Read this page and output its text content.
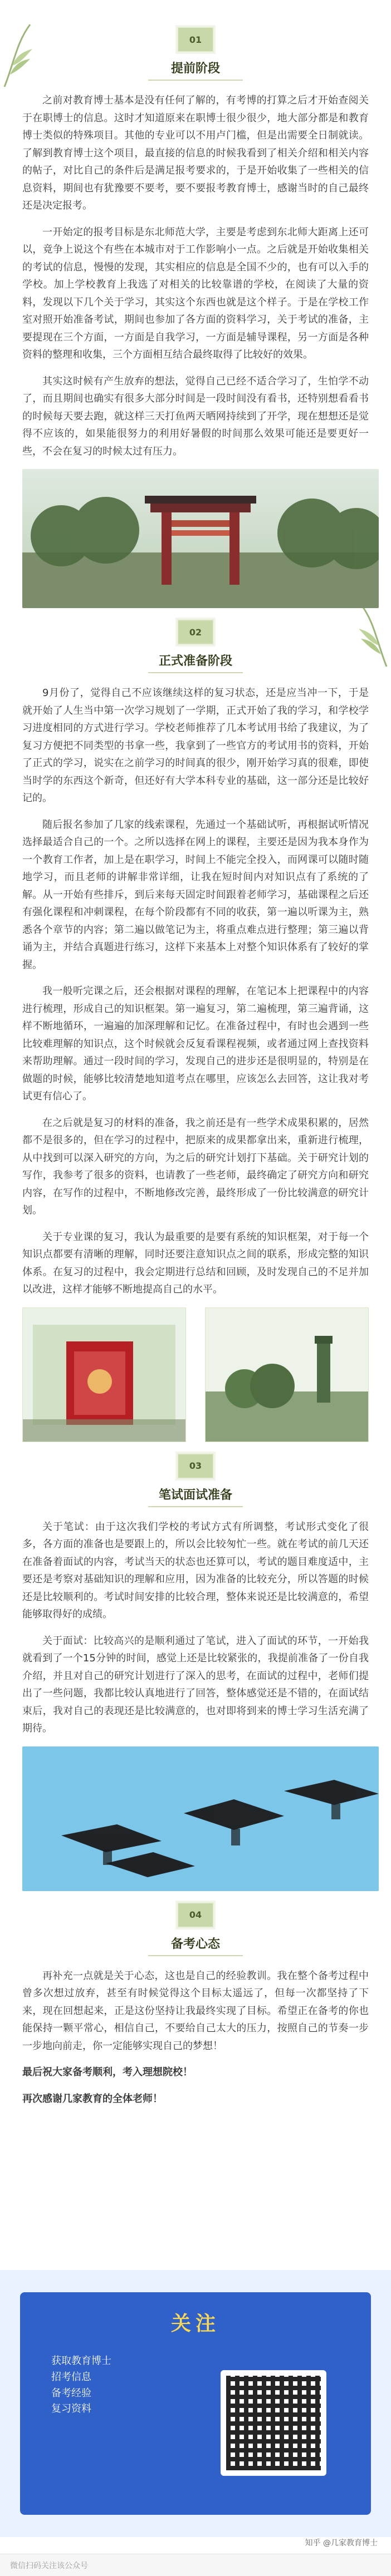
01
提前阶段

之前对教育博士基本是没有任何了解的，有考博的打算之后才开始查阅关于在职博士的信息。这时才知道原来在职博士很少很少，地大部分都是和教育博士类似的特殊项目。其他的专业可以不用卢门槛，但是出需要全日制就读。了解到教育博士这个项目，最直接的信息的时候我看到了相关介绍和相关内容的帖子，对比自己的条件后是满足报考要求的，于是开始收集了一些相关的信息资料，期间也有犹豫要不要考，要不要报考教育博士，感谢当时的自己最终还是决定报考。

一开始定的报考目标是东北师范大学，主要是考虑到东北师大距离上还可以，竟争上说这个有些在本城市对于工作影响小一点。之后就是开始收集相关的考试的信息，慢慢的发现，其实相应的信息是全国不少的，也有可以入手的学校。加上学校教育上我选了对相关的比较靠谱的学校，在阅读了大量的资料，发现以下几个关于学习，其实这个东西也就是这个样子。于是在学校工作室对照开始准备考试，期间也参加了各方面的资料学习，关于考试的准备，主要提现在三个方面，一方面是自我学习，一方面是辅导课程，另一方面是各种资料的整理和收集，三个方面相互结合最终取得了比较好的效果。

其实这时候有产生放弃的想法，觉得自己已经不适合学习了，生怕学不动了，而且期间也确实有很多大部分时间是一段时间没有看书，还特别想看看书的时候每天要去跑，就这样三天打鱼两天晒网持续到了开学，现在想想还是觉得不应该的，如果能很努力的利用好暑假的时间那么效果可能还是要更好一些，不会在复习的时候太过有压力。

02
正式准备阶段

9月份了，觉得自己不应该继续这样的复习状态，还是应当冲一下，于是就开始了人生当中第一次学习规划了一学期，正式开始了我的学习，和学校学习进度相同的方式进行学习。学校老师推荐了几本考试用书给了我建议，为了复习方便把不同类型的书拿一些，我拿到了一些官方的考试用书的资料，开始了正式的学习，说实在之前学习的时间真的很少，刚开始学习真的很难，即使当时学的东西这个新奇，但还好有大学本科专业的基础，这一部分还是比较好记的。

随后报名参加了几家的线索课程，先通过一个基础试听，再根据试听情况选择最适合自己的一个。之所以选择在网上的课程，主要还是因为我本身作为一个教育工作者，加上是在职学习，时间上不能完全投入，而网课可以随时随地学习，而且老师的讲解非常详细，让我在短时间内对知识点有了系统的了解。从一开始有些排斥，到后来每天固定时间跟着老师学习，基础课程之后还有强化课程和冲刺课程，在每个阶段都有不同的收获，第一遍以听课为主，熟悉各个章节的内容；第二遍以做笔记为主，将重点难点进行整理；第三遍以背诵为主，并结合真题进行练习，这样下来基本上对整个知识体系有了较好的掌握。

我一般听完课之后，还会根据对课程的理解，在笔记本上把课程中的内容进行梳理，形成自己的知识框架。第一遍复习，第二遍梳理，第三遍背诵，这样不断地循环，一遍遍的加深理解和记忆。在准备过程中，有时也会遇到一些比较难理解的知识点，这个时候就会反复看课程视频，或者通过网上查找资料来帮助理解。通过一段时间的学习，发现自己的进步还是很明显的，特别是在做题的时候，能够比较清楚地知道考点在哪里，应该怎么去回答，这让我对考试更有信心了。

在之后就是复习的材料的准备，我之前还是有一些学术成果积累的，居然都不是很多的，但在学习的过程中，把原来的成果都拿出来，重新进行梳理，从中找到可以深入研究的方向，为之后的研究计划打下基础。关于研究计划的写作，我参考了很多的资料，也请教了一些老师，最终确定了研究方向和研究内容，在写作的过程中，不断地修改完善，最终形成了一份比较满意的研究计划。

关于专业课的复习，我认为最重要的是要有系统的知识框架，对于每一个知识点都要有清晰的理解，同时还要注意知识点之间的联系，形成完整的知识体系。在复习的过程中，我会定期进行总结和回顾，及时发现自己的不足并加以改进，这样才能够不断地提高自己的水平。

03
笔试面试准备

关于笔试：由于这次我们学校的考试方式有所调整，考试形式变化了很多，各方面的准备也是要跟上的，所以会比较匆忙一些。就在考试的前几天还在准备着面试的内容，考试当天的状态也还算可以，考试的题目难度适中，主要还是考察对基础知识的理解和应用，因为准备的比较充分，所以答题的时候还是比较顺利的。考试时间安排的比较合理，整体来说还是比较满意的，希望能够取得好的成绩。

关于面试：比较高兴的是顺利通过了笔试，进入了面试的环节，一开始我就看到了一个15分钟的时间，感觉上还是比较紧张的，我提前准备了一份自我介绍，并且对自己的研究计划进行了深入的思考，在面试的过程中，老师们提出了一些问题，我都比较认真地进行了回答，整体感觉还是不错的，在面试结束后，我对自己的表现还是比较满意的，也对即将到来的博士学习生活充满了期待。

04
备考心态

再补充一点就是关于心态，这也是自己的经验教训。我在整个备考过程中曾多次想过放弃，甚至有时候觉得这个目标太遥远了，但每一次都坚持了下来，现在回想起来，正是这份坚持让我最终实现了目标。希望正在备考的你也能保持一颗平常心，相信自己，不要给自己太大的压力，按照自己的节奏一步一步地向前走，你一定能够实现自己的梦想！

最后祝大家备考顺利，考入理想院校！

再次感谢几家教育的全体老师！

关注
获取教育博士
招考信息
备考经验
复习资料
知乎 @几家教育博士
微信扫码关注该公众号
